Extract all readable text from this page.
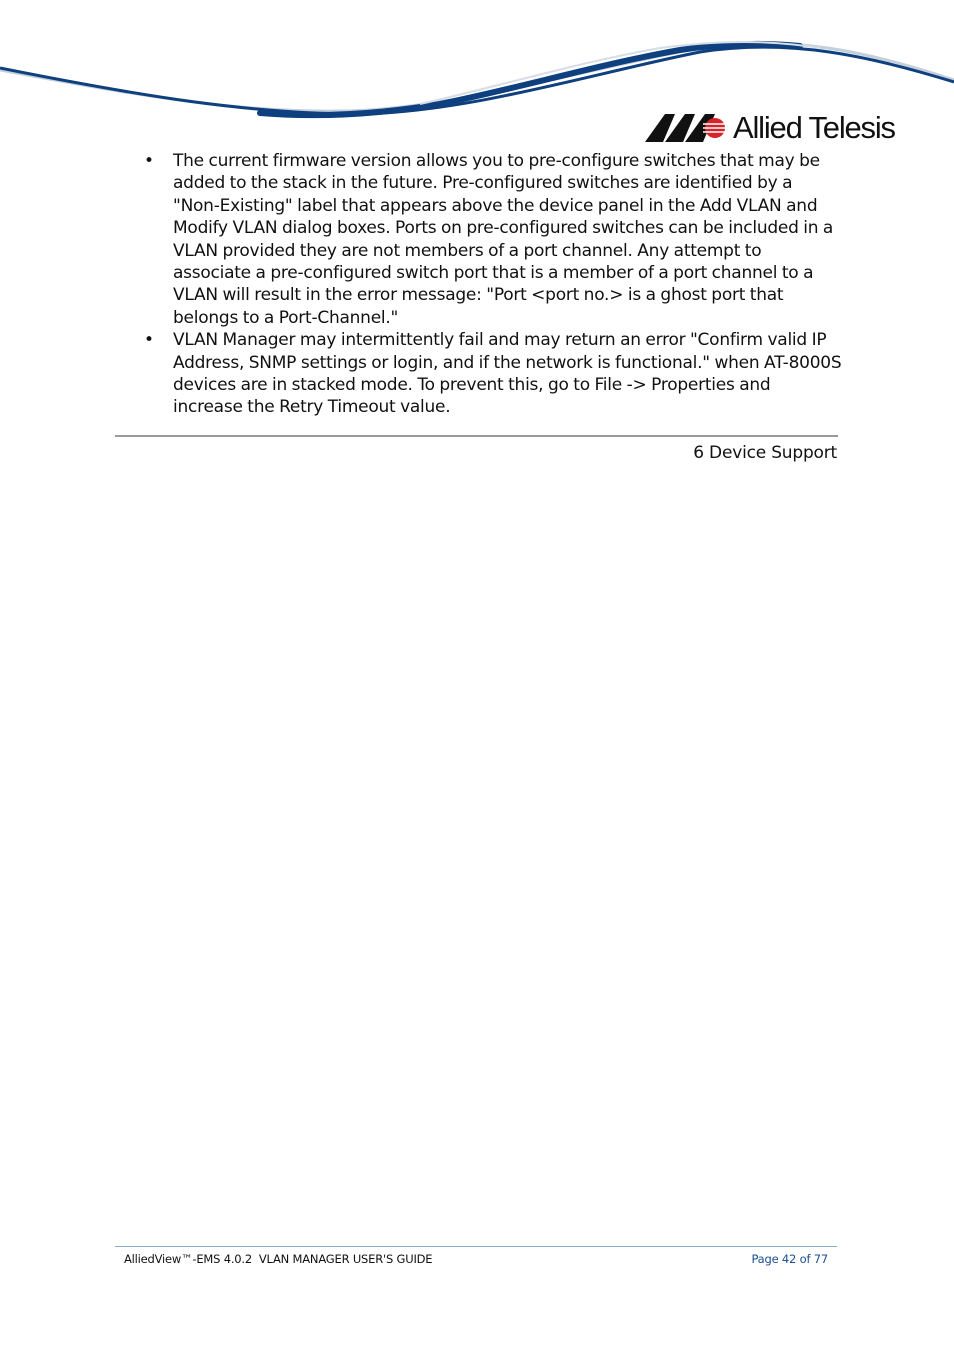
Allied Telesis
• The current firmware version allows you to pre-configure switches that may be added to the stack in the future. Pre-configured switches are identified by a "Non-Existing" label that appears above the device panel in the Add VLAN and Modify VLAN dialog boxes. Ports on pre-configured switches can be included in a VLAN provided they are not members of a port channel. Any attempt to associate a pre-configured switch port that is a member of a port channel to a VLAN will result in the error message: "Port <port no.> is a ghost port that belongs to a Port-Channel."
• VLAN Manager may intermittently fail and may return an error "Confirm valid IP Address, SNMP settings or login, and if the network is functional." when AT-8000S devices are in stacked mode. To prevent this, go to File -> Properties and increase the Retry Timeout value.
6 Device Support
AlliedView™-EMS 4.0.2  VLAN MANAGER USER'S GUIDE	Page 42 of 77
